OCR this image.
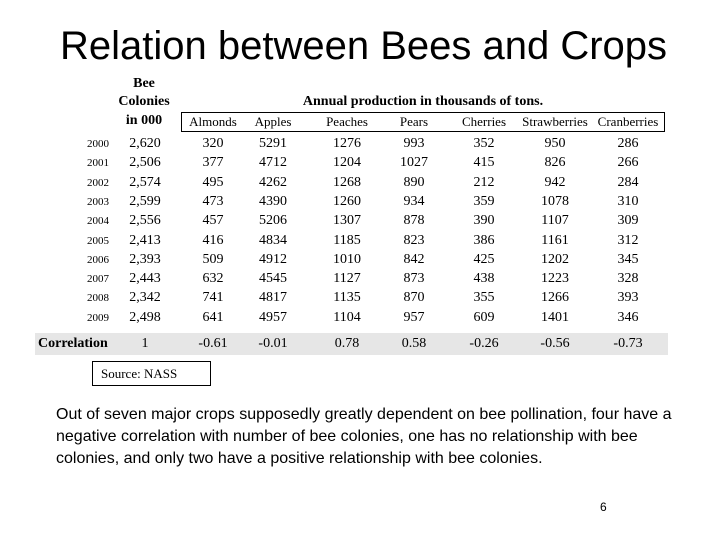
Relation between Bees and Crops
Bee
Colonies
in 000
Annual production in thousands of tons.
Almonds	Apples	Peaches	Pears	Cherries	Strawberries Cranberries
2000	2,620	320	5291	1276	993	352	950	286
2001	2,506	377	4712	1204	1027	415	826	266
2002	2,574	495	4262	1268	890	212	942	284
2003	2,599	473	4390	1260	934	359	1078	310
2004	2,556	457	5206	1307	878	390	1107	309
2005	2,413	416	4834	1185	823	386	1161	312
2006	2,393	509	4912	1010	842	425	1202	345
2007	2,443	632	4545	1127	873	438	1223	328
2008	2,342	741	4817	1135	870	355	1266	393
2009	2,498	641	4957	1104	957	609	1401	346
Correlation	1	-0.61	-0.01	0.78	0.58	-0.26	-0.56	-0.73
Source: NASS
Out of seven major crops supposedly greatly dependent on bee pollination, four have a negative correlation with number of bee colonies, one has no relationship with bee colonies, and only two have a positive relationship with bee colonies.
6
